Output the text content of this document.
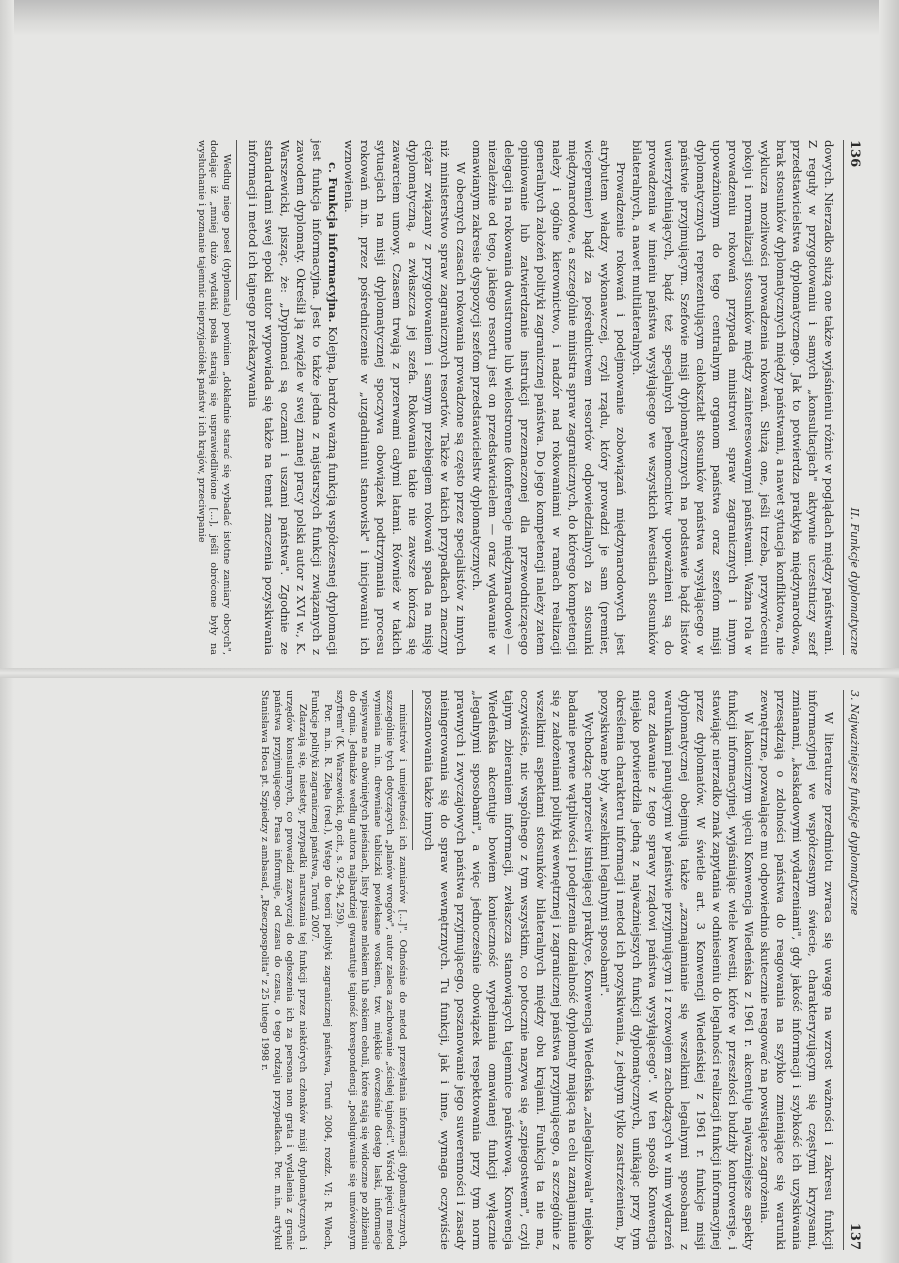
136
II. Funkcje dyplomatyczne

dowych. Nierzadko służą one także wyjaśnieniu różnic w poglądach między państwami. Z reguły w przygotowaniu i samych „konsultacjach" aktywnie uczestniczy szef przedstawicielstwa dyplomatycznego. Jak to potwierdza praktyka międzynarodowa, brak stosunków dyplomatycznych między państwami, a nawet sytuacja konfliktowa, nie wyklucza możliwości prowadzenia rokowań. Służą one, jeśli trzeba, przywróceniu pokoju i normalizacji stosunków między zainteresowanymi państwami. Ważna rola w prowadzeniu rokowań przypada ministrowi spraw zagranicznych i innym upoważnionym do tego centralnym organom państwa oraz szefom misji dyplomatycznych reprezentującym całokształt stosunków państwa wysyłającego w państwie przyjmującym. Szefowie misji dyplomatycznych na podstawie bądź listów uwierzytelniających, bądź też specjalnych pełnomocnictw upoważnieni są do prowadzenia w imieniu państwa wysyłającego we wszystkich kwestiach stosunków bilateralnych, a nawet multilateralnych.

Prowadzenie rokowań i podejmowanie zobowiązań międzynarodowych jest atrybutem władzy wykonawczej, czyli rządu, który prowadzi je sam (premier, wicepremier) bądź za pośrednictwem resortów odpowiedzialnych za stosunki międzynarodowe, a szczególnie ministra spraw zagranicznych, do którego kompetencji należy i ogólne kierownictwo, i nadzór nad rokowaniami w ramach realizacji generalnych założeń polityki zagranicznej państwa. Do jego kompetencji należy zatem opiniowanie lub zatwierdzanie instrukcji przeznaczonej dla przewodniczącego delegacji na rokowania dwustronne lub wielostronne (konferencje międzynarodowe) — niezależnie od tego, jakiego resortu jest on przedstawicielem — oraz wydawanie w omawianym zakresie dyspozycji szefom przedstawicielstw dyplomatycznych.

W obecnych czasach rokowania prowadzone są często przez specjalistów z innych niż ministerstwo spraw zagranicznych resortów. Także w takich przypadkach znaczny ciężar związany z przygotowaniem i samym przebiegiem rokowań spada na misję dyplomatyczną, a zwłaszcza jej szefa. Rokowania takie nie zawsze kończą się zawarciem umowy. Czasem trwają z przerwami całymi latami. Również w takich sytuacjach na misji dyplomatycznej spoczywa obowiązek podtrzymania procesu rokowań m.in. przez pośredniczenie w „uzgadnianiu stanowisk" i inicjowaniu ich wznowienia.

c. Funkcja informacyjna. Kolejną, bardzo ważną funkcją współczesnej dyplomacji jest funkcja informacyjna. Jest to także jedna z najstarszych funkcji związanych z zawodem dyplomaty. Określił ją zwięźle w swej znanej pracy polski autor z XVI w., K. Warszewicki, pisząc, że: „Dyplomaci są oczami i uszami państwa". Zgodnie ze standardami swej epoki autor wypowiada się także na temat znaczenia pozyskiwania informacji i metod ich tajnego przekazywania

Według niego poseł (dyplomata) powinien „dokładnie starać się wybadać istotne zamiary obcych", dodając iż „mniej dużo wydatki posła starają się usprawiedliwione [...], jeśli obrócone były na wysłuchanie i poznanie tajemnic nieprzyjaciółek państw i ich krajów, przeciwpanie

3. Najważniejsze funkcje dyplomatyczne
137

W literaturze przedmiotu zwraca się uwagę na wzrost ważności i zakresu funkcji informacyjnej we współczesnym świecie, charakteryzującym się częstymi kryzysami, zmianami, „kaskadowymi wydarzeniami", gdy jakość informacji i szybkość ich uzyskiwania przesądzają o zdolności państwa do reagowania na szybko zmieniające się warunki zewnętrzne, pozwalające mu odpowiednio skutecznie reagować na powstające zagrożenia.

W lakonicznym ujęciu Konwencja Wiedeńska z 1961 r. akcentuje najważniejsze aspekty funkcji informacyjnej, wyjaśniając wiele kwestii, które w przeszłości budziły kontrowersje, i stawiając nierzadko znak zapytania w odniesieniu do legalności realizacji funkcji informacyjnej przez dyplomatów. W świetle art. 3 Konwencji Wiedeńskiej z 1961 r. funkcje misji dyplomatycznej obejmują także „zaznajamianie się wszelkimi legalnymi sposobami z warunkami panującymi w państwie przyjmującym i z rozwojem zachodzących w nim wydarzeń oraz zdawanie z tego sprawy rządowi państwa wysyłającego". W ten sposób Konwencja niejako potwierdziła jedną z najważniejszych funkcji dyplomatycznych, unikając przy tym określenia charakteru informacji i metod ich pozyskiwania, z jednym tylko zastrzeżeniem, by pozyskiwane były „wszelkimi legalnymi sposobami".

Wychodząc naprzeciw istniejącej praktyce, Konwencja Wiedeńska „zalegalizowała" niejako badanie pewne wątpliwości i podejrzenia działalność dyplomaty mającą na celu zaznajamianie się z założeniami polityki wewnętrznej i zagranicznej państwa przyjmującego, a szczególnie z wszelkimi aspektami stosunków bilateralnych między obu krajami. Funkcja ta nie ma, oczywiście, nic wspólnego z tym wszystkim, co potocznie nazywa się „szpiegostwem", czyli tajnym zbieraniem informacji, zwłaszcza stanowiących tajemnice państwową. Konwencja Wiedeńska akcentuje bowiem konieczność wypełniania omawianej funkcji wyłącznie „legalnymi sposobami", a więc jednocześnie obowiązek respektowania przy tym norm prawnych i zwyczajowych państwa przyjmującego, poszanowanie jego suwerenności i zasady nieingerowania się do spraw wewnętrznych. Tu funkcji, jak i inne, wymaga oczywiście poszanowania także innych

ministrów i umiejętności ich zamiarów [...]". Odnośnie do metod przesyłania informacji dyplomatycznych, szczególnie tych dotyczących „planów wrogów", autor zaleca zachowanie „ścisłej tajności". Wśród pięciu metod wymienia m.in. drewniane tabliczki powlekane woskiem, tzw. miękkie ówcześnie dostęp laski, informacje wpisywane na obwiniętych pieśniach, listy pisane mlekiem lub sokiem cebuli, które stają się widoczne po zbliżeniu do ognia. Jednakże według autora najbardziej gwarantuje tajność korespondencji „posługiwanie się umówionym szyfrem" (K. Warszewicki, op.cit., s. 92–94, 259).

Por. m.in. R. Zięba (red.), Wstęp do teorii polityki zagranicznej państwa, Toruń 2004, rozdz. VI; R. Włoch, Funkcje polityki zagranicznej państwa, Toruń 2007.

Zdarzają się, niestety, przypadki naruszania tej funkcji przez niektórych członków misji dyplomatycznych i urzędów konsularnych, co prowadzi zazwyczaj do ogłoszenia ich za persona non grata i wydalenia z granic państwa przyjmującego. Prasa informuje, od czasu do czasu, o tego rodzaju przypadkach. Por. m.in. artykuł Stanisława Hoca pt. Szpiedzy z ambasad, „Rzeczpospolita" z 25 lutego 1998 r.
